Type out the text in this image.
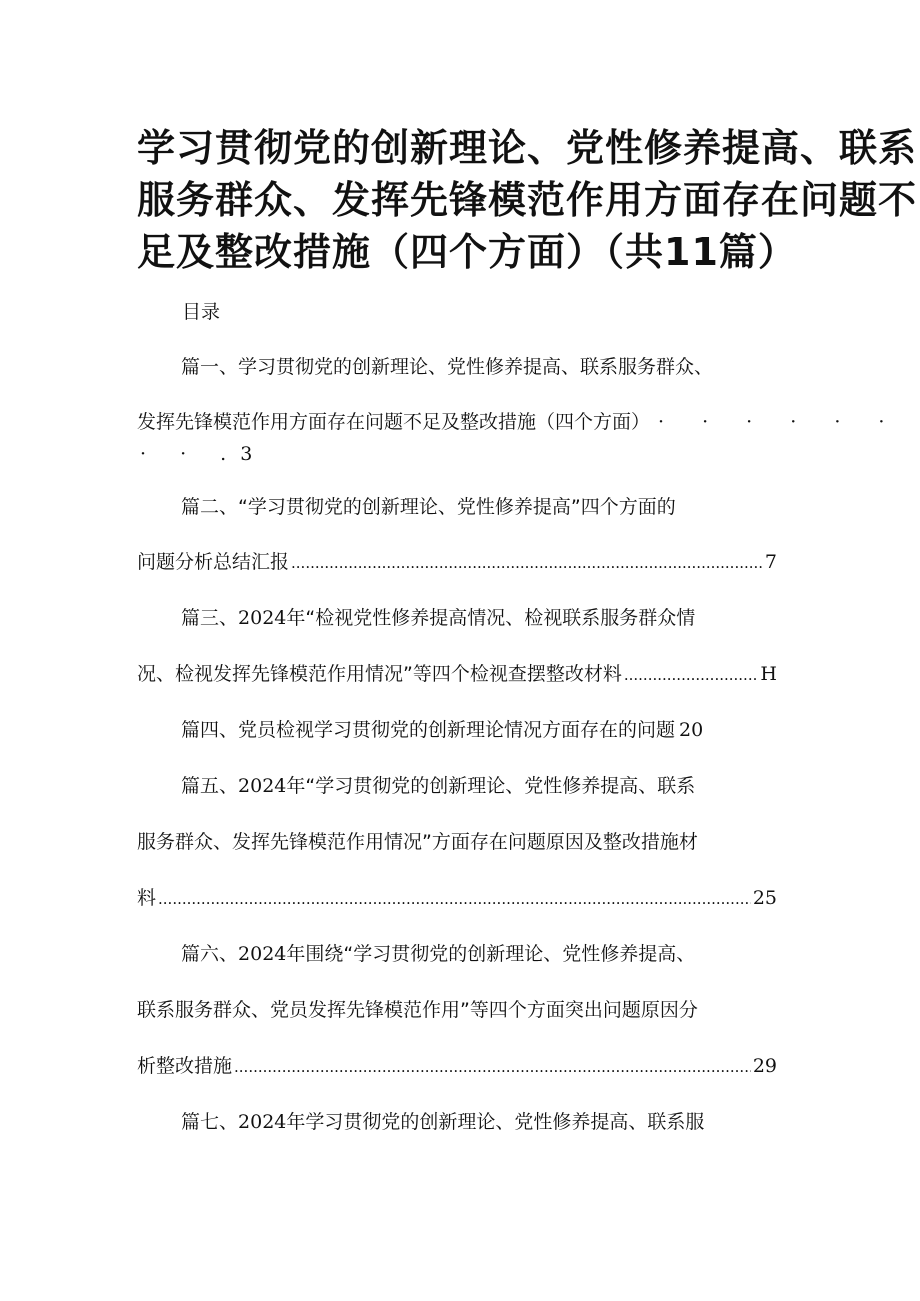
学习贯彻党的创新理论、党性修养提高、联系
服务群众、发挥先锋模范作用方面存在问题不
足及整改措施（四个方面）（共11篇）

目录

篇一、学习贯彻党的创新理论、党性修养提高、联系服务群众、
发挥先锋模范作用方面存在问题不足及整改措施（四个方面） · · · · · ·
· · . 3
篇二、“学习贯彻党的创新理论、党性修养提高”四个方面的
问题分析总结汇报 .....	7
篇三、 2024 年“检视党性修养提高情况、检视联系服务群众情
况、检视发挥先锋模范作用情况”等四个检视查摆整改材料 .....	H
篇四、党员检视学习贯彻党的创新理论情况方面存在的问题 20
篇五、 2024 年“学习贯彻党的创新理论、党性修养提高、联系
服务群众、发挥先锋模范作用情况”方面存在问题原因及整改措施材
料 .....	25
篇六、 2024 年围绕“学习贯彻党的创新理论、党性修养提高、
联系服务群众、党员发挥先锋模范作用”等四个方面突出问题原因分
析整改措施 .....	29
篇七、 2024 年学习贯彻党的创新理论、党性修养提高、联系服
